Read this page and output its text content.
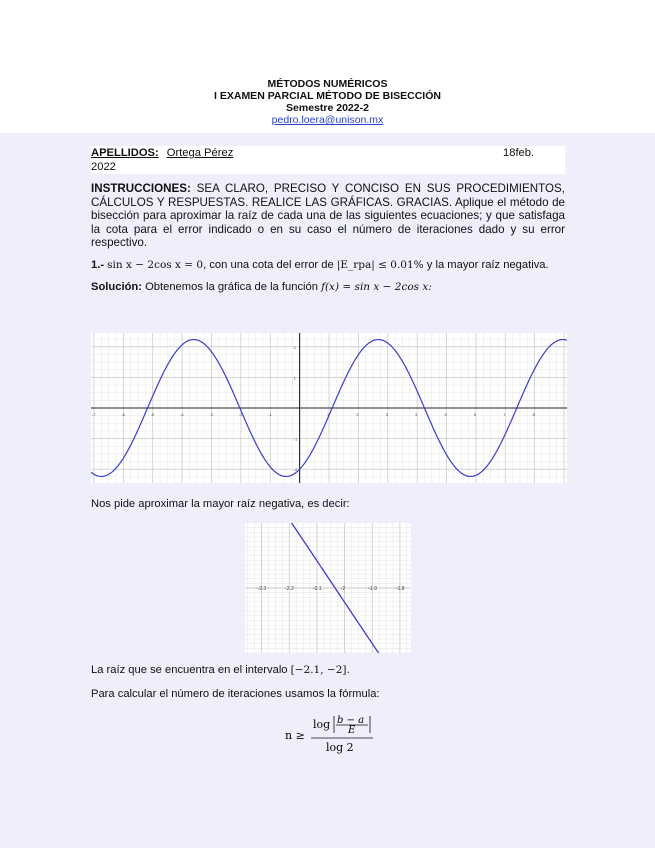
MÉTODOS NUMÉRICOS
I EXAMEN PARCIAL MÉTODO DE BISECCIÓN
Semestre 2022-2
pedro.loera@unison.mx
APELLIDOS: Ortega Pérez	18feb.
2022

INSTRUCCIONES: SEA CLARO, PRECISO Y CONCISO EN SUS PROCEDIMIENTOS, CÁLCULOS Y RESPUESTAS. REALICE LAS GRÁFICAS. GRACIAS. Aplique el método de bisección para aproximar la raíz de cada una de las siguientes ecuaciones; y que satisfaga la cota para el error indicado o en su caso el número de iteraciones dado y su error respectivo.

1.- sin x − 2cos x = 0, con una cota del error de |E_rpa| ≤ 0.01% y la mayor raíz negativa.

Solución: Obtenemos la gráfica de la función f(x) = sin x − 2cos x:

-7	-6	-5	-4	-3	-2	-1	1	2	3	4	5	6	7	8
2
1
-1
-2
Nos pide aproximar la mayor raíz negativa, es decir:
-2.3	-2.2	-2.1	-2	-1.9	-1.8
La raíz que se encuentra en el intervalo [−2.1, −2].
Para calcular el número de iteraciones usamos la fórmula:
n ≥
log b − a
E
log 2
